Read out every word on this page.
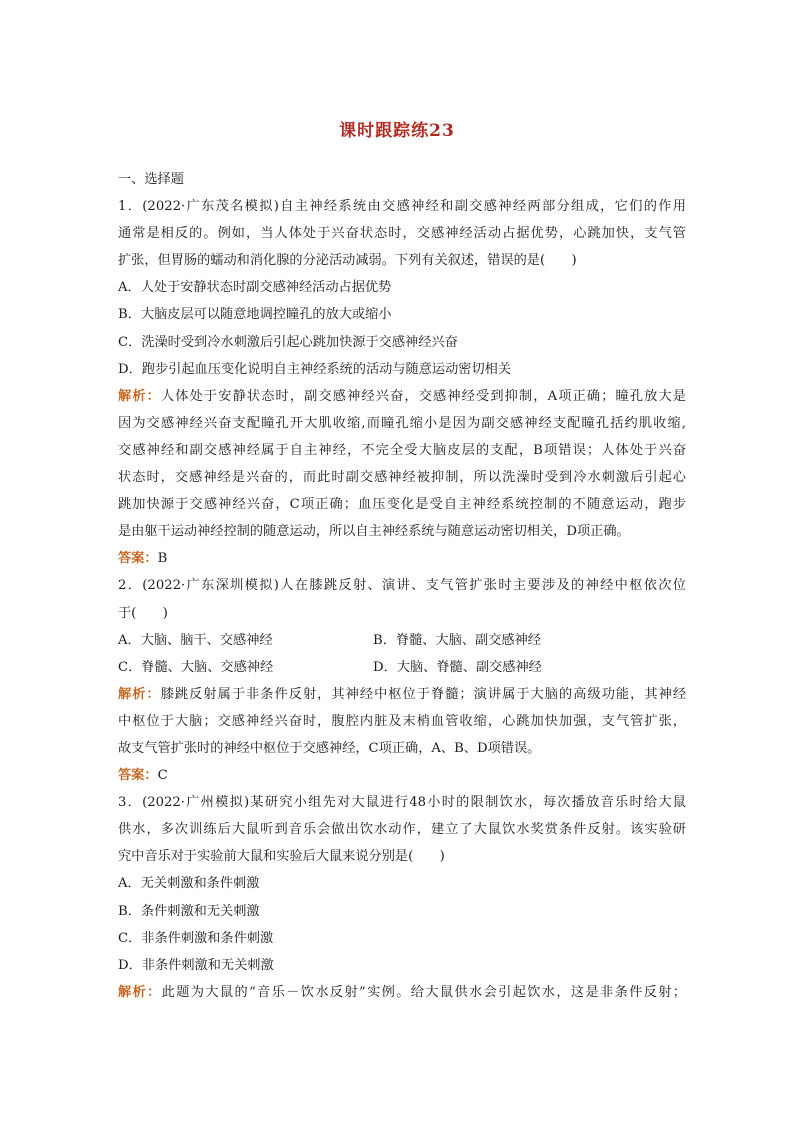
课时跟踪练23
一、选择题
1．(2022·广东茂名模拟)自主神经系统由交感神经和副交感神经两部分组成，它们的作用
通常是相反的。例如，当人体处于兴奋状态时，交感神经活动占据优势，心跳加快，支气管
扩张，但胃肠的蠕动和消化腺的分泌活动减弱。下列有关叙述，错误的是(　　)
A．人处于安静状态时副交感神经活动占据优势
B．大脑皮层可以随意地调控瞳孔的放大或缩小
C．洗澡时受到冷水刺激后引起心跳加快源于交感神经兴奋
D．跑步引起血压变化说明自主神经系统的活动与随意运动密切相关
解析：人体处于安静状态时，副交感神经兴奋，交感神经受到抑制，A项正确；瞳孔放大是
因为交感神经兴奋支配瞳孔开大肌收缩,而瞳孔缩小是因为副交感神经支配瞳孔括约肌收缩,
交感神经和副交感神经属于自主神经，不完全受大脑皮层的支配，B项错误；人体处于兴奋
状态时，交感神经是兴奋的，而此时副交感神经被抑制，所以洗澡时受到冷水刺激后引起心
跳加快源于交感神经兴奋，C项正确；血压变化是受自主神经系统控制的不随意运动，跑步
是由躯干运动神经控制的随意运动，所以自主神经系统与随意运动密切相关，D项正确。
答案：B
2．(2022·广东深圳模拟)人在膝跳反射、演讲、支气管扩张时主要涉及的神经中枢依次位
于(　　)
A．大脑、脑干、交感神经	B．脊髓、大脑、副交感神经
C．脊髓、大脑、交感神经	D．大脑、脊髓、副交感神经
解析：膝跳反射属于非条件反射，其神经中枢位于脊髓；演讲属于大脑的高级功能，其神经
中枢位于大脑；交感神经兴奋时，腹腔内脏及末梢血管收缩，心跳加快加强，支气管扩张，
故支气管扩张时的神经中枢位于交感神经，C项正确，A、B、D项错误。
答案：C
3．(2022·广州模拟)某研究小组先对大鼠进行48小时的限制饮水，每次播放音乐时给大鼠
供水，多次训练后大鼠听到音乐会做出饮水动作，建立了大鼠饮水奖赏条件反射。该实验研
究中音乐对于实验前大鼠和实验后大鼠来说分别是(　　)
A．无关刺激和条件刺激
B．条件刺激和无关刺激
C．非条件刺激和条件刺激
D．非条件刺激和无关刺激
解析：此题为大鼠的“音乐－饮水反射”实例。给大鼠供水会引起饮水，这是非条件反射；
